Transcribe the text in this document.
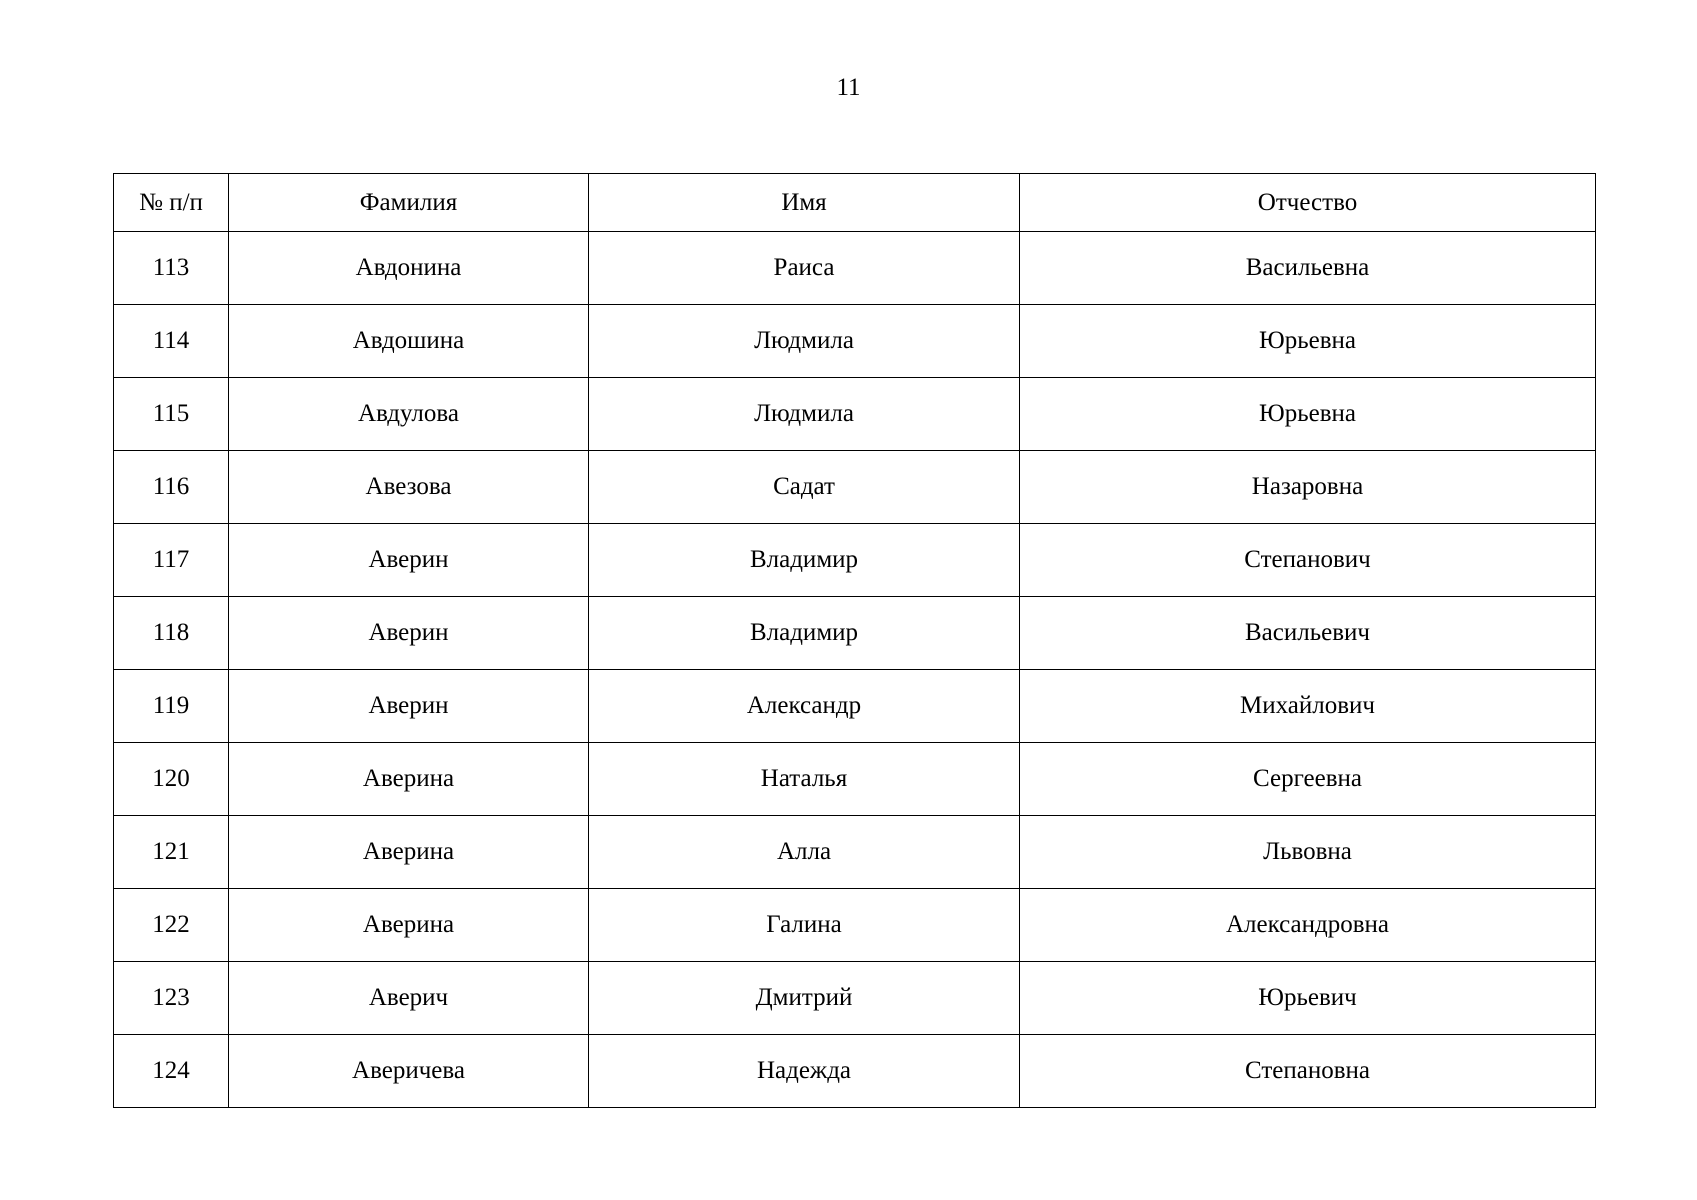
11
№ п/п	Фамилия	Имя	Отчество
113	Авдонина	Раиса	Васильевна
114	Авдошина	Людмила	Юрьевна
115	Авдулова	Людмила	Юрьевна
116	Авезова	Садат	Назаровна
117	Аверин	Владимир	Степанович
118	Аверин	Владимир	Васильевич
119	Аверин	Александр	Михайлович
120	Аверина	Наталья	Сергеевна
121	Аверина	Алла	Львовна
122	Аверина	Галина	Александровна
123	Аверич	Дмитрий	Юрьевич
124	Аверичева	Надежда	Степановна
